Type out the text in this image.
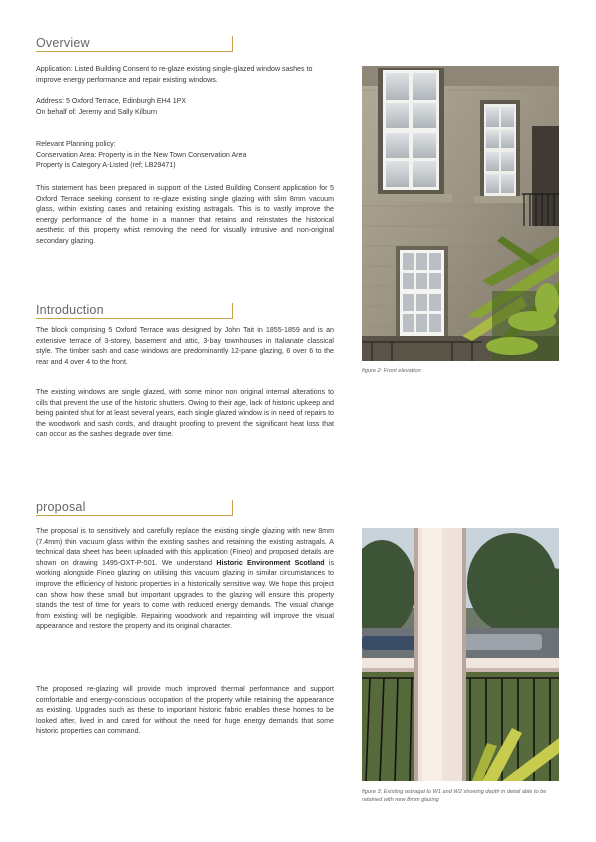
Overview

Application: Listed Building Consent to re-glaze existing single-glazed window sashes to improve energy performance and repair existing windows.

Address: 5 Oxford Terrace, Edinburgh EH4 1PX
On behalf of: Jeremy and Sally Kilburn

Relevant Planning policy:
Conservation Area: Property is in the New Town Conservation Area
Property is Category A-Listed (ref; LB29471)

This statement has been prepared in support of the Listed Building Consent application for 5 Oxford Terrace seeking consent to re-glaze existing single glazing with slim 8mm vacuum glass, within existing cases and retaining existing astragals. This is to vastly improve the energy performance of the home in a manner that retains and reinstates the historical aesthetic of this property whist removing the need for visually intrusive and non-original secondary glazing.

Introduction

The block comprising 5 Oxford Terrace was designed by John Tait in 1855-1859 and is an extensive terrace of 3-storey, basement and attic, 3-bay townhouses in Italianate classical style. The timber sash and case windows are predominantly 12-pane glazing, 6 over 6 to the rear and 4 over 4 to the front.

The existing windows are single glazed, with some minor non original internal alterations to cills that prevent the use of the historic shutters. Owing to their age, lack of historic upkeep and being painted shut for at least several years, each single glazed window is in need of repairs to the woodwork and sash cords, and draught proofing to prevent the significant heat loss that can occur as the sashes degrade over time.

proposal

The proposal is to sensitively and carefully replace the existing single glazing with new 8mm (7.4mm) thin vacuum glass within the existing sashes and retaining the existing astragals. A technical data sheet has been uploaded with this application (Fineo) and proposed details are shown on drawing 1495-OXT-P-501. We understand Historic Environment Scotland is working alongside Fineo glazing on utilising this vacuum glazing in similar circumstances to improve the efficiency of historic properties in a historically sensitive way. We hope this project can show how these small but important upgrades to the glazing will ensure this property stands the test of time for years to come with reduced energy demands. The visual change from existing will be negligible. Repairing woodwork and repainting will improve the visual appearance and restore the property and its original character.

The proposed re-glazing will provide much improved thermal performance and support comfortable and energy-conscious occupation of the property while retaining the appearance as existing. Upgrades such as these to important historic fabric enables these homes to be looked after, lived in and cared for without the need for huge energy demands that some historic properties can command.

figure 2: Front elevation

figure 3: Existing astragal to W1 and W2 showing depth in detail able to be retained with new 8mm glazing
